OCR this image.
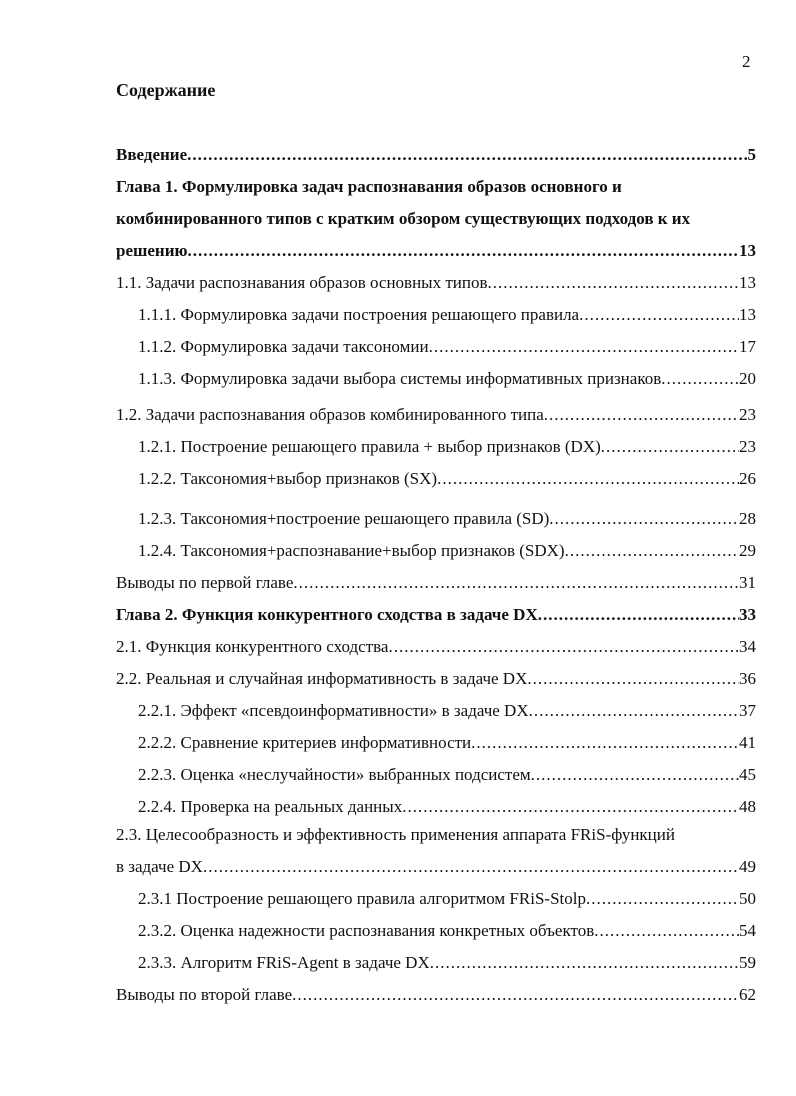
2
Содержание
Введение .....	5
Глава 1. Формулировка задач распознавания образов основного и
комбинированного типов с кратким обзором существующих подходов к их
решению .....	13
1.1. Задачи распознавания образов основных типов .....	13
1.1.1. Формулировка задачи построения решающего правила .....	13
1.1.2. Формулировка задачи таксономии .....	17
1.1.3. Формулировка задачи выбора системы информативных признаков .....	20
1.2. Задачи распознавания образов комбинированного типа .....	23
1.2.1. Построение решающего правила + выбор признаков (DX) .....	23
1.2.2. Таксономия+выбор признаков (SX) .....	26
1.2.3. Таксономия+построение решающего правила (SD) .....	28
1.2.4. Таксономия+распознавание+выбор признаков (SDX) .....	29
Выводы по первой главе .....	31
Глава 2. Функция конкурентного сходства в задаче DX .....	33
2.1. Функция конкурентного сходства .....	34
2.2. Реальная и случайная информативность в задаче DX .....	36
2.2.1. Эффект «псевдоинформативности» в задаче DX .....	37
2.2.2. Сравнение критериев информативности .....	41
2.2.3. Оценка «неслучайности» выбранных подсистем .....	45
2.2.4. Проверка на реальных данных .....	48
2.3. Целесообразность и эффективность применения аппарата FRiS-функций
в задаче DX .....	49
2.3.1 Построение решающего правила алгоритмом FRiS-Stolp .....	50
2.3.2. Оценка надежности распознавания конкретных объектов .....	54
2.3.3. Алгоритм FRiS-Agent в задаче DX .....	59
Выводы по второй главе .....	62
